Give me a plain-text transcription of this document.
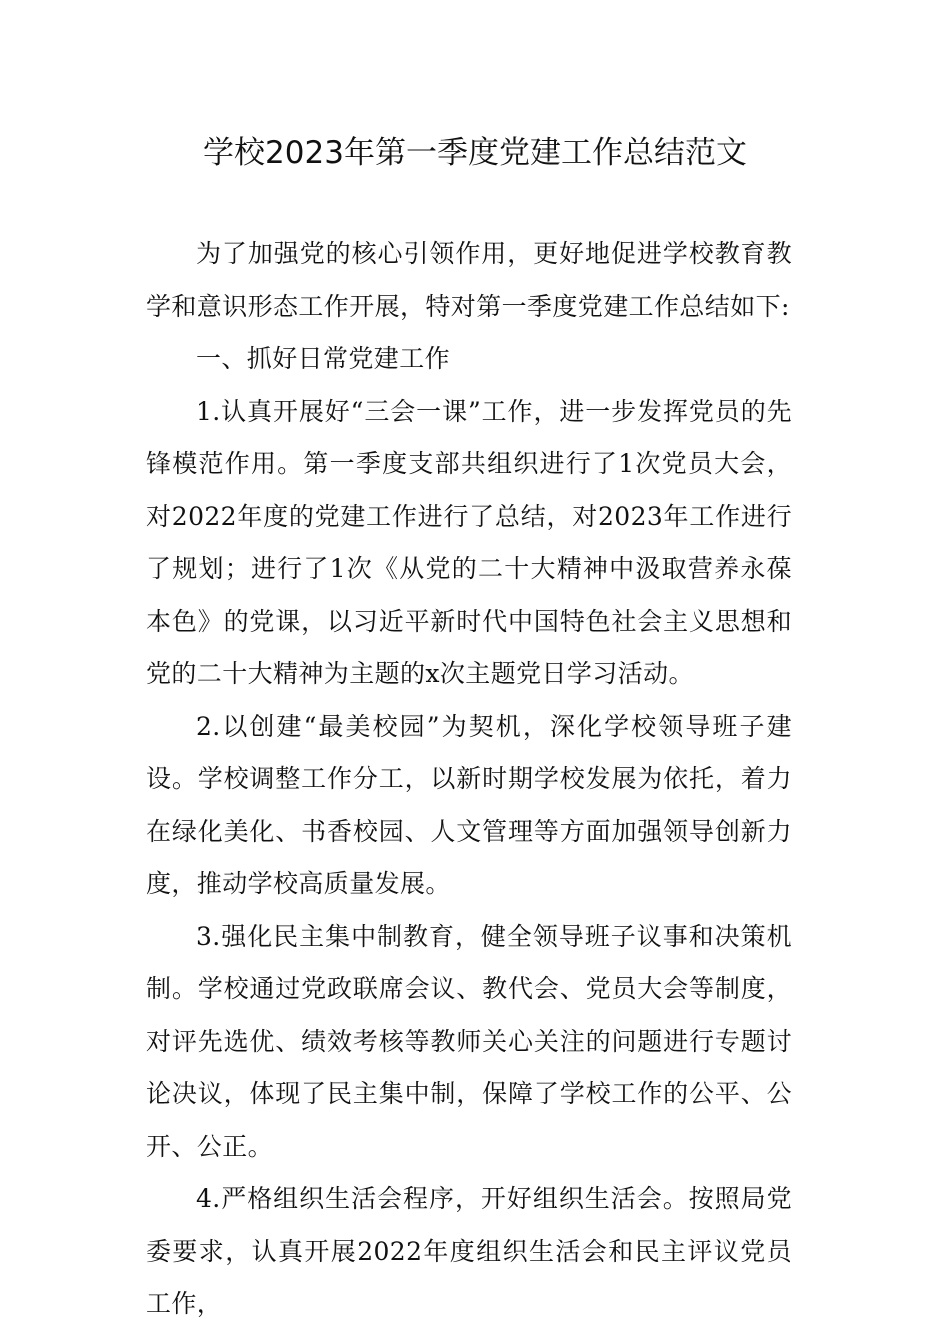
学校2023年第一季度党建工作总结范文

为了加强党的核心引领作用，更好地促进学校教育教学和意识形态工作开展，特对第一季度党建工作总结如下:

一、抓好日常党建工作

1.认真开展好“三会一课”工作，进一步发挥党员的先锋模范作用。第一季度支部共组织进行了1次党员大会，对2022年度的党建工作进行了总结，对2023年工作进行了规划；进行了1次《从党的二十大精神中汲取营养永葆本色》的党课，以习近平新时代中国特色社会主义思想和党的二十大精神为主题的x次主题党日学习活动。

2.以创建“最美校园”为契机，深化学校领导班子建设。学校调整工作分工，以新时期学校发展为依托，着力在绿化美化、书香校园、人文管理等方面加强领导创新力度，推动学校高质量发展。

3.强化民主集中制教育，健全领导班子议事和决策机制。学校通过党政联席会议、教代会、党员大会等制度，对评先选优、绩效考核等教师关心关注的问题进行专题讨论决议，体现了民主集中制，保障了学校工作的公平、公开、公正。

4.严格组织生活会程序，开好组织生活会。按照局党委要求，认真开展2022年度组织生活会和民主评议党员工作，
